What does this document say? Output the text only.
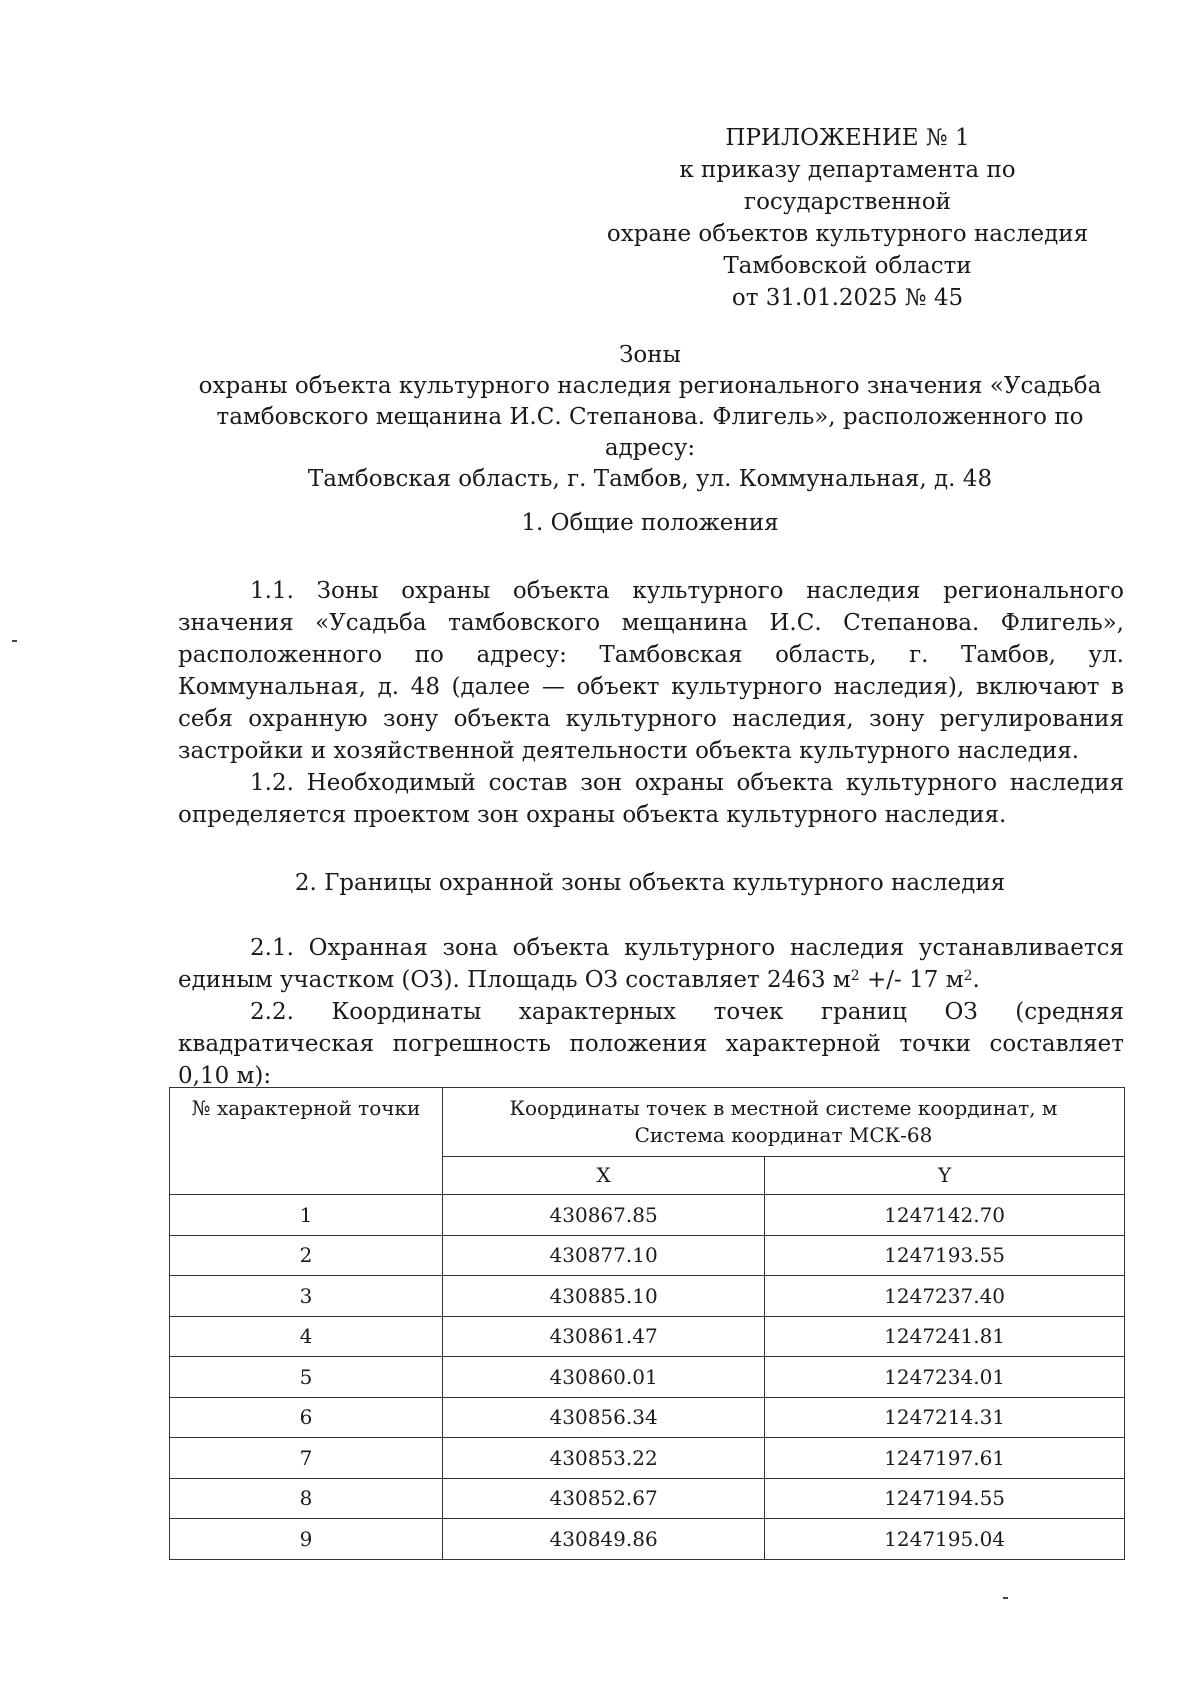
ПРИЛОЖЕНИЕ № 1
к приказу департамента по государственной
охране объектов культурного наследия
Тамбовской области
от 31.01.2025 № 45
Зоны
охраны объекта культурного наследия регионального значения «Усадьба
тамбовского мещанина И.С. Степанова. Флигель», расположенного по адресу:
Тамбовская область, г. Тамбов, ул. Коммунальная, д. 48
1. Общие положения

1.1. Зоны охраны объекта культурного наследия регионального значения «Усадьба тамбовского мещанина И.С. Степанова. Флигель», расположенного по адресу: Тамбовская область, г. Тамбов, ул. Коммунальная, д. 48 (далее — объект культурного наследия), включают в себя охранную зону объекта культурного наследия, зону регулирования застройки и хозяйственной деятельности объекта культурного наследия.

1.2. Необходимый состав зон охраны объекта культурного наследия определяется проектом зон охраны объекта культурного наследия.

2. Границы охранной зоны объекта культурного наследия

2.1. Охранная зона объекта культурного наследия устанавливается единым участком (ОЗ). Площадь ОЗ составляет 2463 $м^2$ +/- 17 $м^2$.

2.2. Координаты характерных точек границ ОЗ (средняя квадратическая погрешность положения характерной точки составляет 0,10 м):

№ характерной точки	Координаты точек в местной системе координат, м
Система координат МСК-68	

	X	Y
1	430867.85	1247142.70
2	430877.10	1247193.55
3	430885.10	1247237.40
4	430861.47	1247241.81
5	430860.01	1247234.01
6	430856.34	1247214.31
7	430853.22	1247197.61
8	430852.67	1247194.55
9	430849.86	1247195.04
